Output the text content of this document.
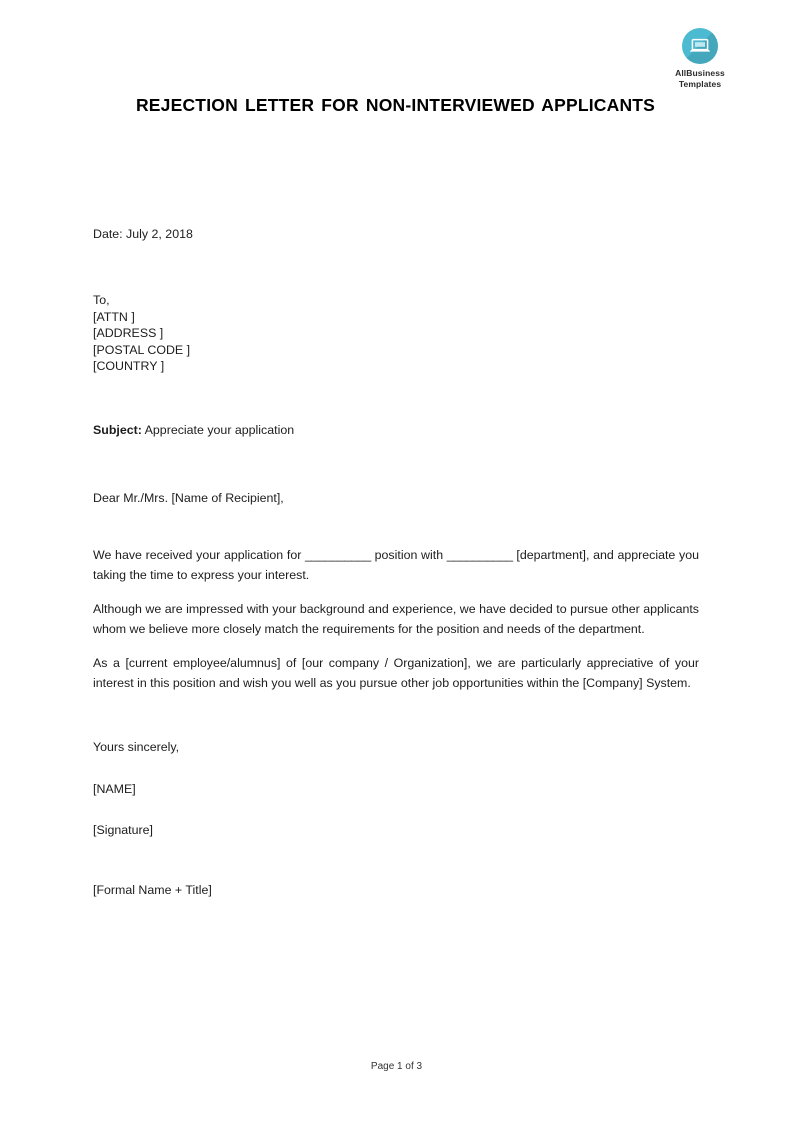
AllBusiness
Templates
REJECTION LETTER FOR NON-INTERVIEWED APPLICANTS
Date: July 2, 2018
To,
[ATTN ]
[ADDRESS ]
[POSTAL CODE ]
[COUNTRY ]
Subject: Appreciate your application
Dear Mr./Mrs. [Name of Recipient],

We have received your application for __________ position with __________ [department], and appreciate you taking the time to express your interest.

Although we are impressed with your background and experience, we have decided to pursue other applicants whom we believe more closely match the requirements for the position and needs of the department.

As a [current employee/alumnus] of [our company / Organization], we are particularly appreciative of your interest in this position and wish you well as you pursue other job opportunities within the [Company] System.

Yours sincerely,
[NAME]
[Signature]
[Formal Name + Title]
Page 1 of 3
